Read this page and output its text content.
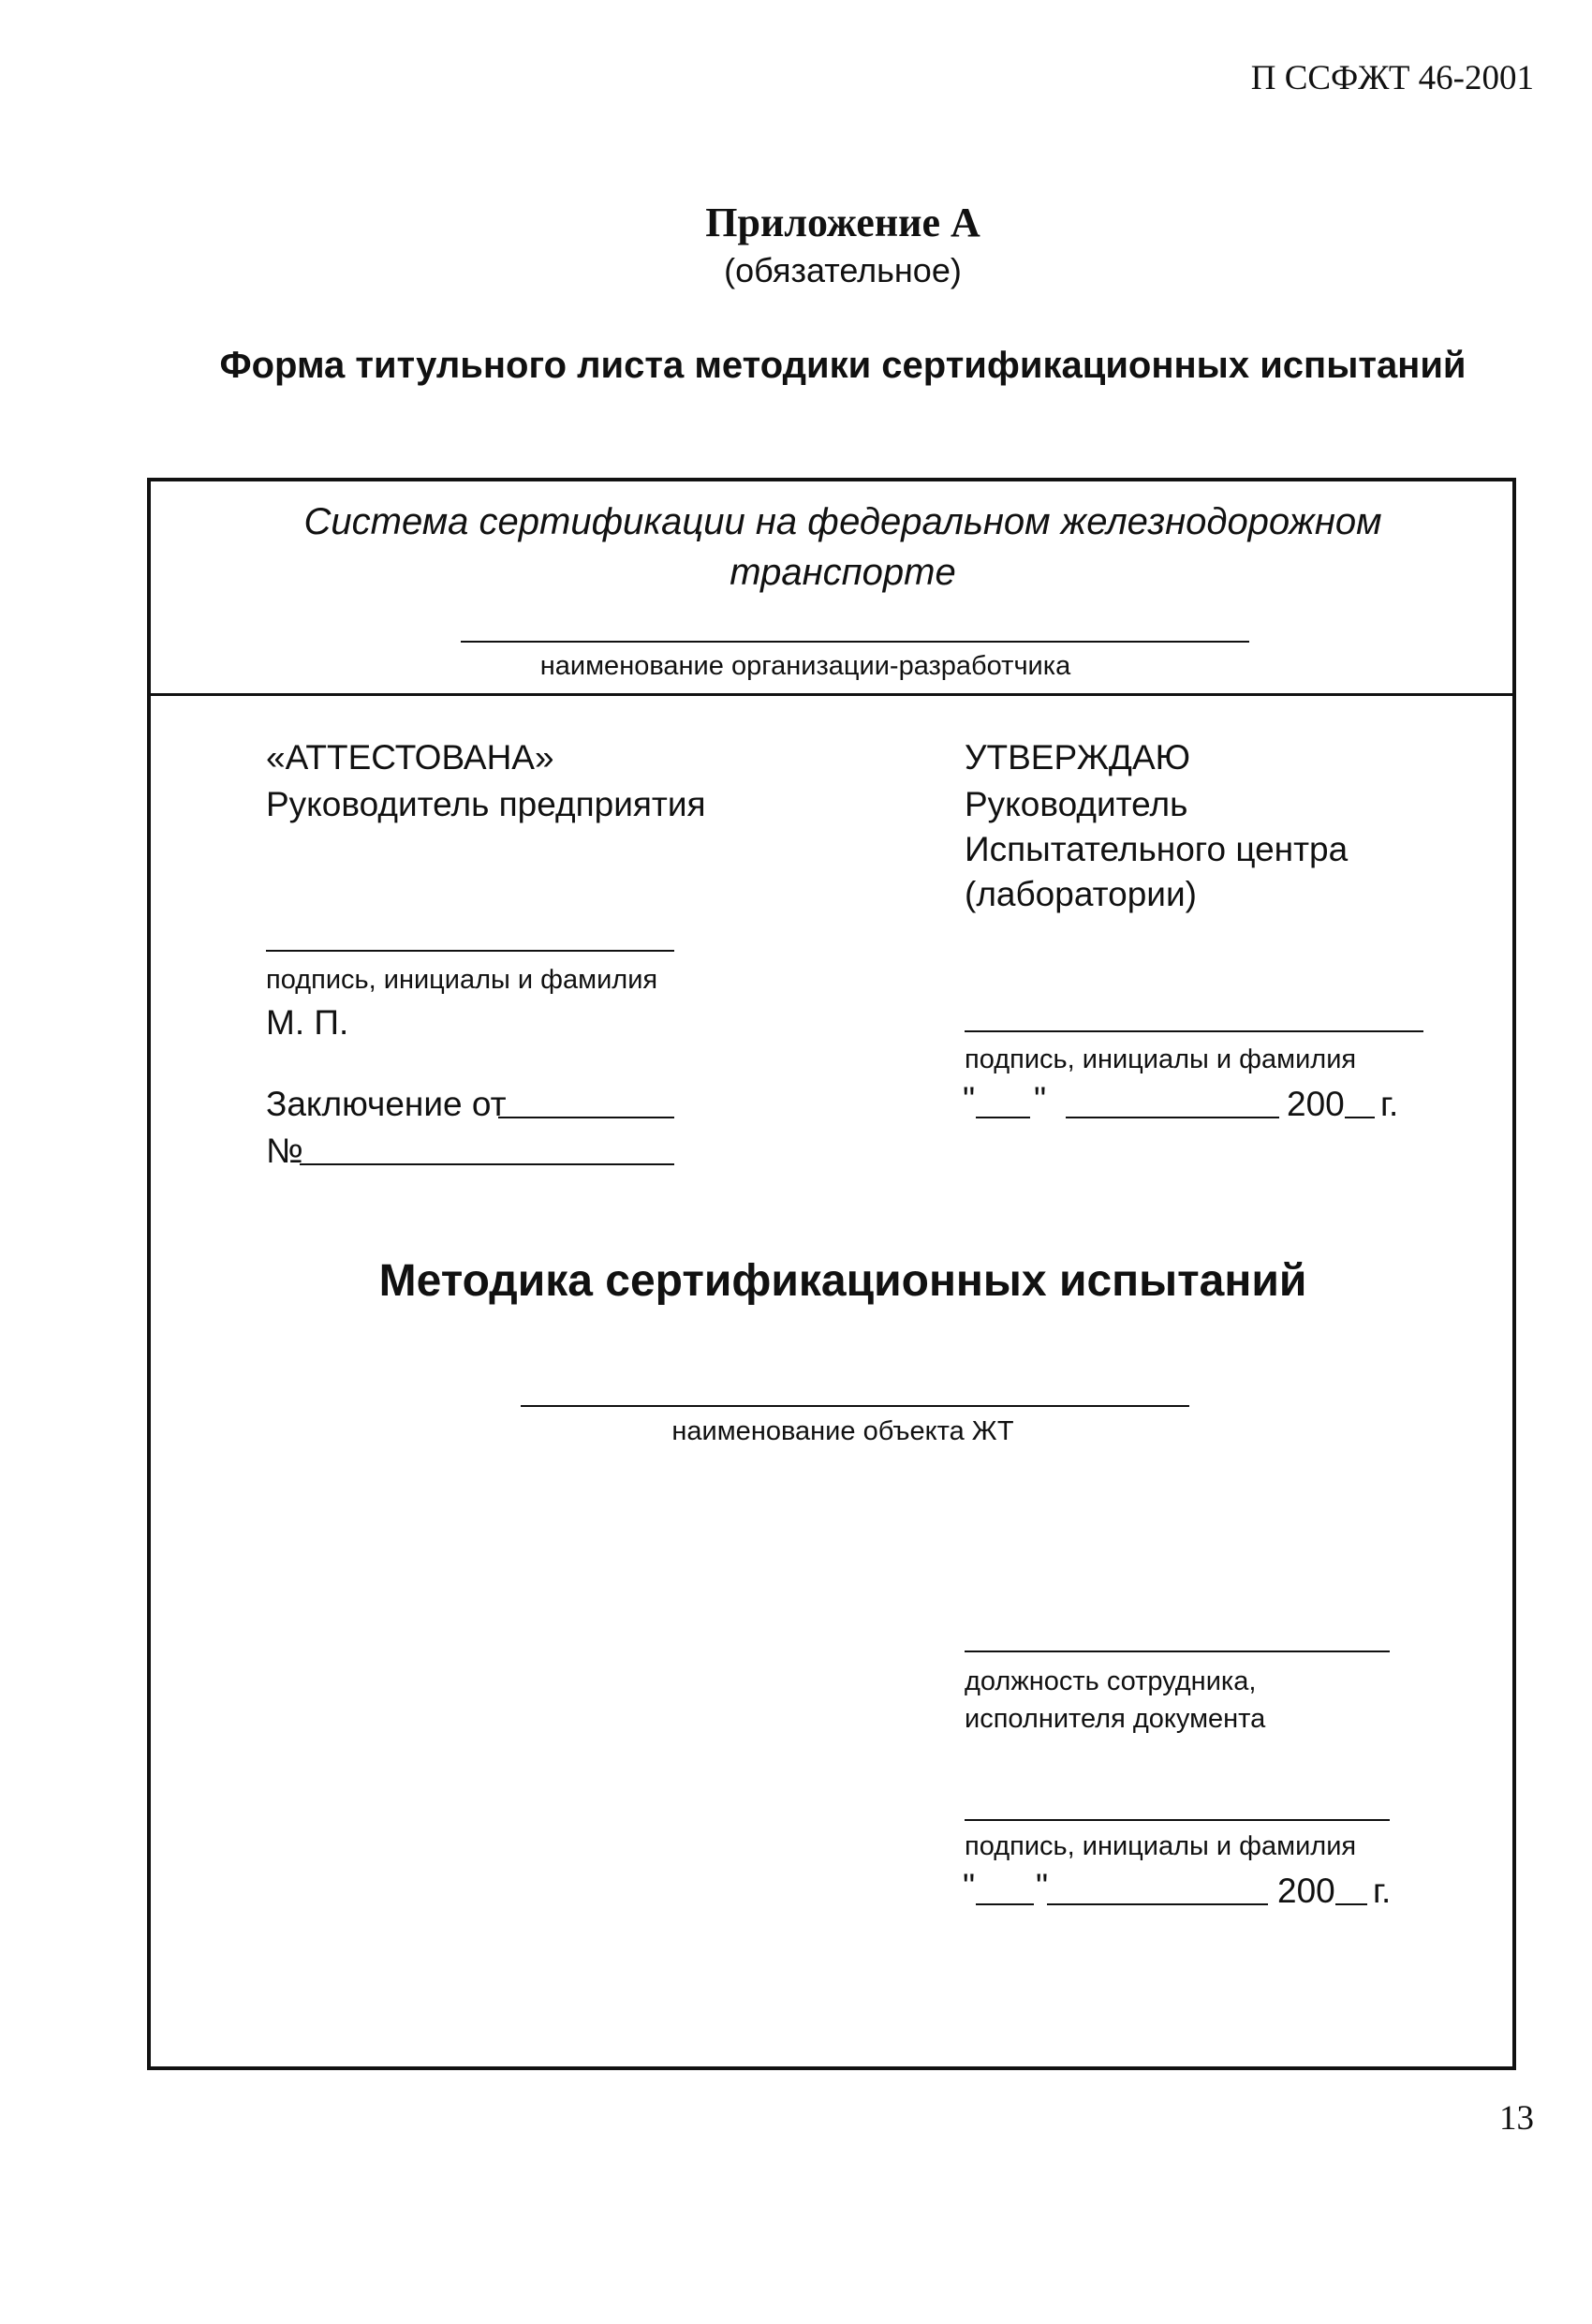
П ССФЖТ 46-2001
Приложение А
(обязательное)
Форма титульного листа методики сертификационных испытаний
Система сертификации на федеральном железнодорожном транспорте
наименование организации-разработчика
«АТТЕСТОВАНА»
Руководитель предприятия
подпись, инициалы и фамилия
М. П.
Заключение от
№
УТВЕРЖДАЮ
Руководитель Испытательного центра (лаборатории)
подпись, инициалы и фамилия
" "	200 г.
Методика сертификационных испытаний
наименование объекта ЖТ
должность сотрудника, исполнителя документа
подпись, инициалы и фамилия
" "	200 г.
13
